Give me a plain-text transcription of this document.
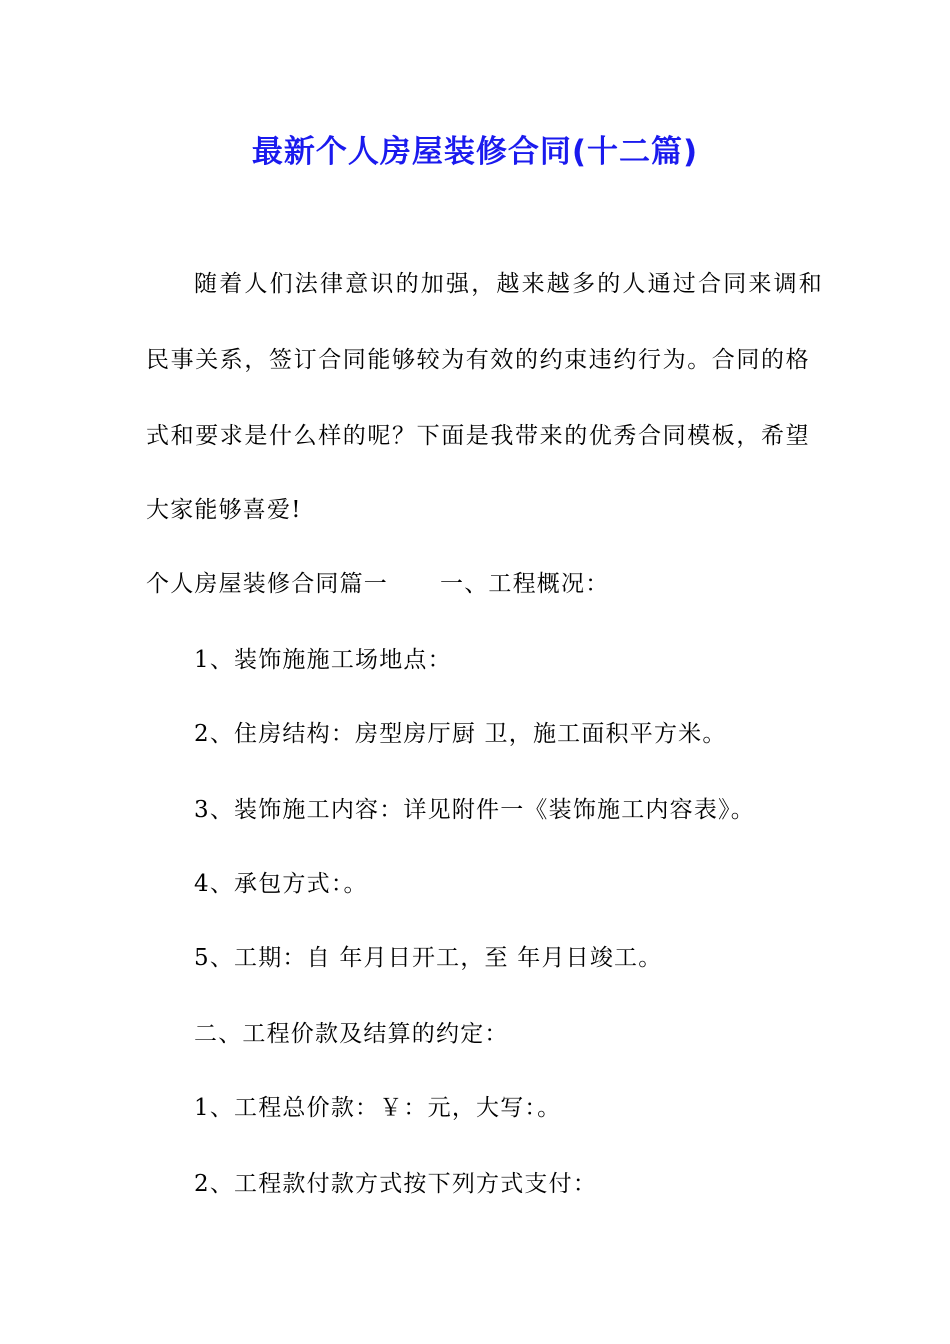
最新个人房屋装修合同(十二篇)

随着人们法律意识的加强，越来越多的人通过合同来调和

民事关系，签订合同能够较为有效的约束违约行为。合同的格

式和要求是什么样的呢？下面是我带来的优秀合同模板，希望

大家能够喜爱!

个人房屋装修合同篇一 一、工程概况：

1、装饰施施工场地点：

2、住房结构：房型房厅厨 卫，施工面积平方米。

3、装饰施工内容：详见附件一《装饰施工内容表》。

4、承包方式：。

5、工期：自 年月日开工，至 年月日竣工。

二、工程价款及结算的约定：

1、工程总价款：￥：元，大写：。

2、工程款付款方式按下列方式支付：
